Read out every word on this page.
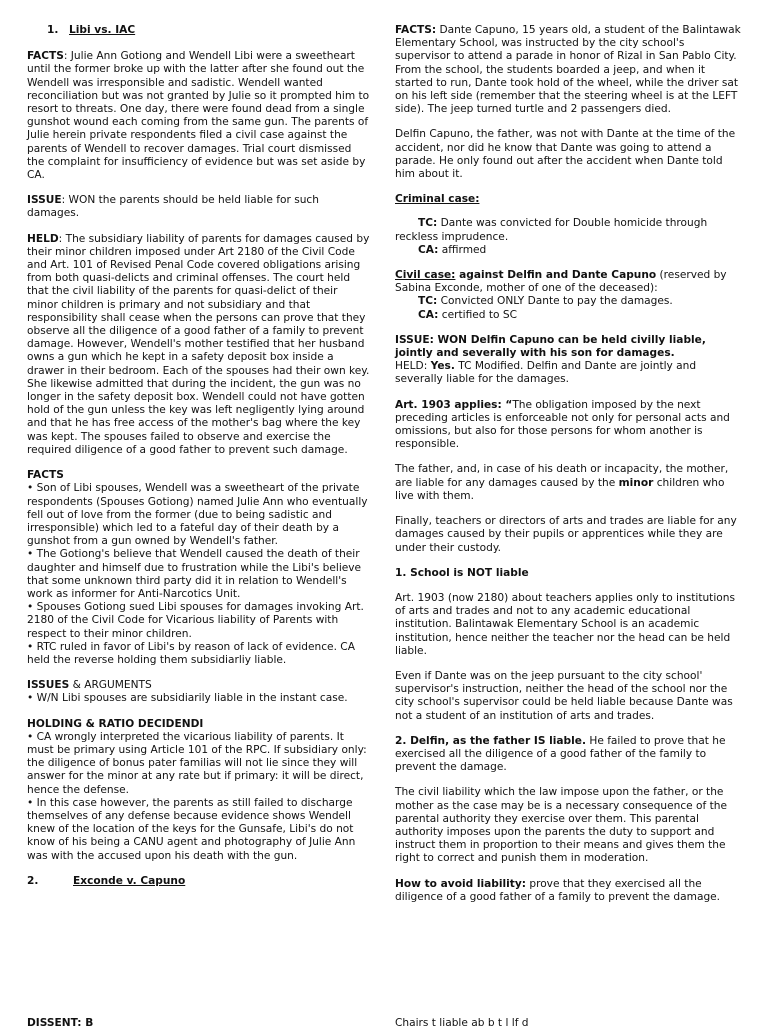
1. Libi vs. IAC

FACTS: Julie Ann Gotiong and Wendell Libi were a sweetheart until the former broke up with the latter after she found out the Wendell was irresponsible and sadistic. Wendell wanted reconciliation but was not granted by Julie so it prompted him to resort to threats. One day, there were found dead from a single gunshot wound each coming from the same gun. The parents of Julie herein private respondents filed a civil case against the parents of Wendell to recover damages. Trial court dismissed the complaint for insufficiency of evidence but was set aside by CA.

ISSUE: WON the parents should be held liable for such damages.

HELD: The subsidiary liability of parents for damages caused by their minor children imposed under Art 2180 of the Civil Code and Art. 101 of Revised Penal Code covered obligations arising from both quasi-delicts and criminal offenses. The court held that the civil liability of the parents for quasi-delict of their minor children is primary and not subsidiary and that responsibility shall cease when the persons can prove that they observe all the diligence of a good father of a family to prevent damage. However, Wendell's mother testified that her husband owns a gun which he kept in a safety deposit box inside a drawer in their bedroom. Each of the spouses had their own key. She likewise admitted that during the incident, the gun was no longer in the safety deposit box. Wendell could not have gotten hold of the gun unless the key was left negligently lying around and that he has free access of the mother's bag where the key was kept. The spouses failed to observe and exercise the required diligence of a good father to prevent such damage.

FACTS
• Son of Libi spouses, Wendell was a sweetheart of the private respondents (Spouses Gotiong) named Julie Ann who eventually fell out of love from the former (due to being sadistic and irresponsible) which led to a fateful day of their death by a gunshot from a gun owned by Wendell's father.
• The Gotiong's believe that Wendell caused the death of their daughter and himself due to frustration while the Libi's believe that some unknown third party did it in relation to Wendell's work as informer for Anti-Narcotics Unit.
• Spouses Gotiong sued Libi spouses for damages invoking Art. 2180 of the Civil Code for Vicarious liability of Parents with respect to their minor children.
• RTC ruled in favor of Libi's by reason of lack of evidence. CA held the reverse holding them subsidiarliy liable.
ISSUES & ARGUMENTS
• W/N Libi spouses are subsidiarily liable in the instant case.
HOLDING & RATIO DECIDENDI
• CA wrongly interpreted the vicarious liability of parents. It must be primary using Article 101 of the RPC. If subsidiary only: the diligence of bonus pater familias will not lie since they will answer for the minor at any rate but if primary: it will be direct, hence the defense.
• In this case however, the parents as still failed to discharge themselves of any defense because evidence shows Wendell knew of the location of the keys for the Gunsafe, Libi's do not know of his being a CANU agent and photography of Julie Ann was with the accused upon his death with the gun.
2.	Exconde v. Capuno

FACTS: Dante Capuno, 15 years old, a student of the Balintawak Elementary School, was instructed by the city school's supervisor to attend a parade in honor of Rizal in San Pablo City. From the school, the students boarded a jeep, and when it started to run, Dante took hold of the wheel, while the driver sat on his left side (remember that the steering wheel is at the LEFT side). The jeep turned turtle and 2 passengers died.

Delfin Capuno, the father, was not with Dante at the time of the accident, nor did he know that Dante was going to attend a parade. He only found out after the accident when Dante told him about it.

Criminal case:

TC: Dante was convicted for Double homicide through reckless imprudence.
CA: affirmed
Civil case: against Delfin and Dante Capuno (reserved by Sabina Exconde, mother of one of the deceased):
TC: Convicted ONLY Dante to pay the damages.
CA: certified to SC

ISSUE: WON Delfin Capuno can be held civilly liable, jointly and severally with his son for damages.
HELD: Yes. TC Modified. Delfin and Dante are jointly and severally liable for the damages.

Art. 1903 applies: “The obligation imposed by the next preceding articles is enforceable not only for personal acts and omissions, but also for those persons for whom another is responsible.

The father, and, in case of his death or incapacity, the mother, are liable for any damages caused by the minor children who live with them.

Finally, teachers or directors of arts and trades are liable for any damages caused by their pupils or apprentices while they are under their custody.

1. School is NOT liable

Art. 1903 (now 2180) about teachers applies only to institutions of arts and trades and not to any academic educational institution. Balintawak Elementary School is an academic institution, hence neither the teacher nor the head can be held liable.

Even if Dante was on the jeep pursuant to the city school' supervisor's instruction, neither the head of the school nor the city school's supervisor could be held liable because Dante was not a student of an institution of arts and trades.

2. Delfin, as the father IS liable. He failed to prove that he exercised all the diligence of a good father of the family to prevent the damage.

The civil liability which the law impose upon the father, or the mother as the case may be is a necessary consequence of the parental authority they exercise over them. This parental authority imposes upon the parents the duty to support and instruct them in proportion to their means and gives them the right to correct and punish them in moderation.

How to avoid liability: prove that they exercised all the diligence of a good father of a family to prevent the damage.

DISSENT: B	Chairs t liable ab b t l lf d
